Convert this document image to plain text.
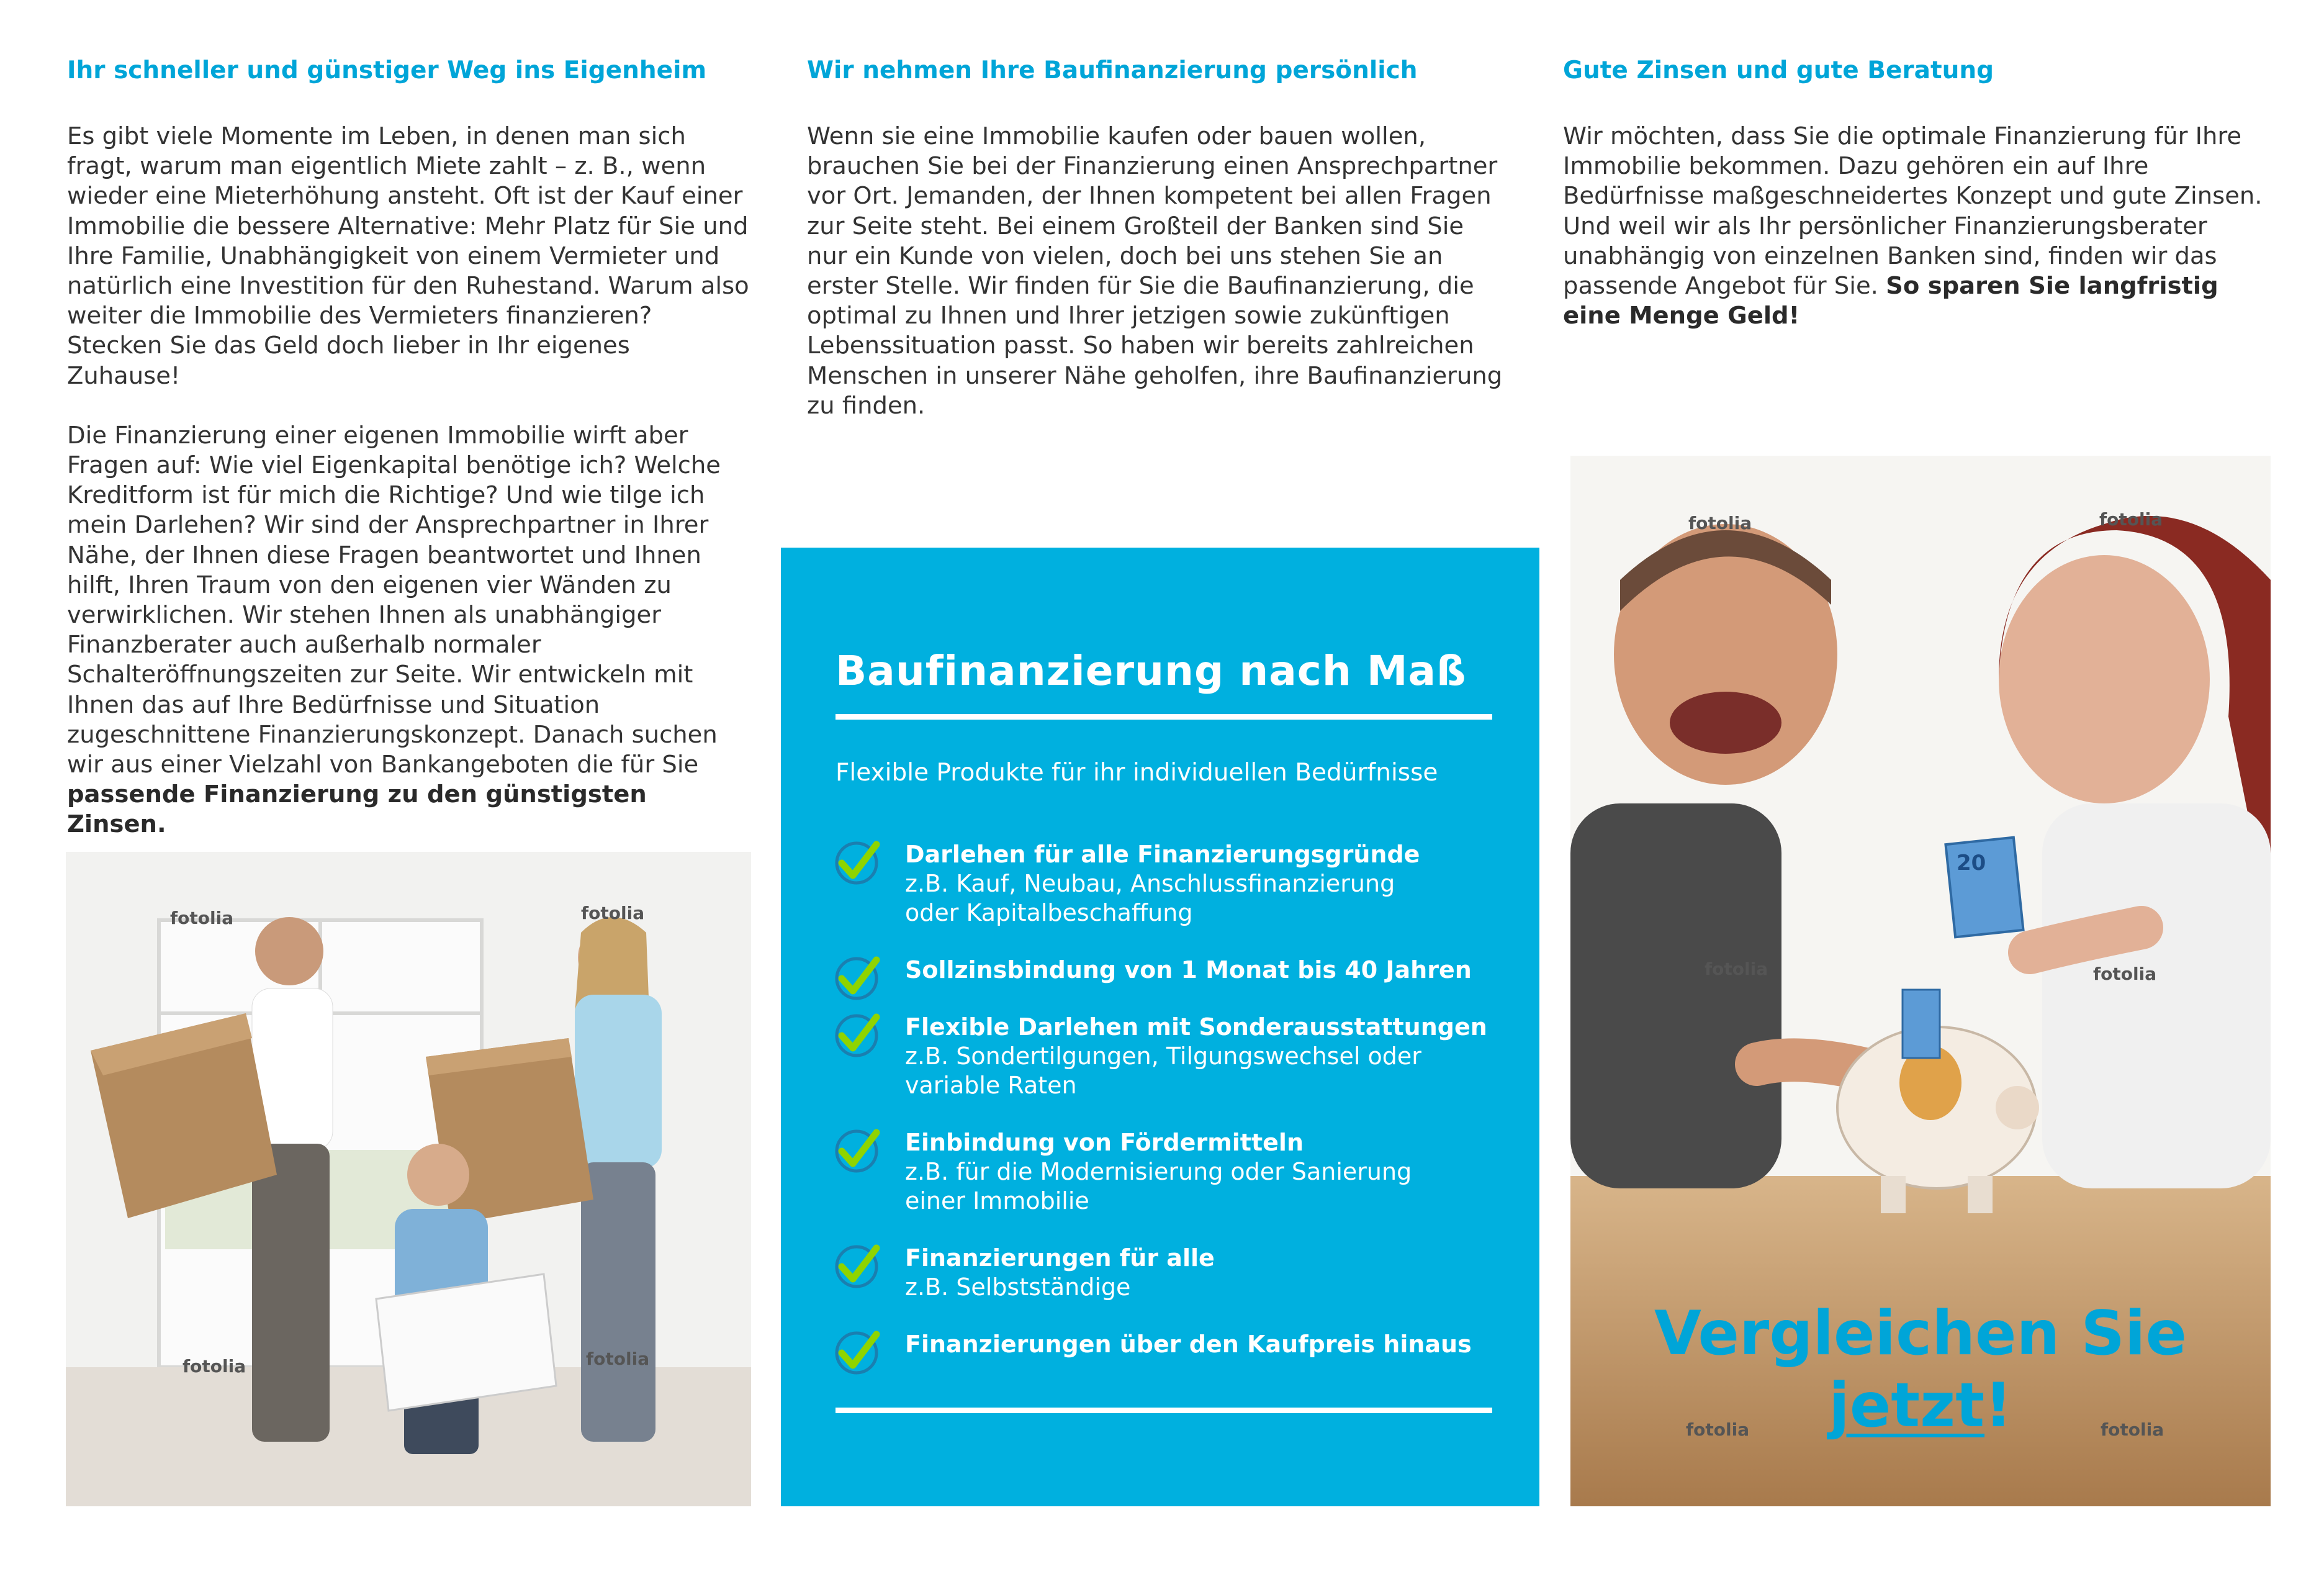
Ihr schneller und günstiger Weg ins Eigenheim
Es gibt viele Momente im Leben, in denen man sich fragt, warum man eigentlich Miete zahlt – z. B., wenn wieder eine Mieterhöhung ansteht. Oft ist der Kauf einer Immobilie die bessere Alternative: Mehr Platz für Sie und Ihre Familie, Unabhängigkeit von einem Vermieter und natürlich eine Investition für den Ruhestand. Warum also weiter die Immobilie des Vermieters finanzieren? Stecken Sie das Geld doch lieber in Ihr eigenes Zuhause!
Die Finanzierung einer eigenen Immobilie wirft aber Fragen auf: Wie viel Eigenkapital benötige ich? Welche Kreditform ist für mich die Richtige? Und wie tilge ich mein Darlehen? Wir sind der Ansprechpartner in Ihrer Nähe, der Ihnen diese Fragen beantwortet und Ihnen hilft, Ihren Traum von den eigenen vier Wänden zu verwirklichen. Wir stehen Ihnen als unabhängiger Finanzberater auch außerhalb normaler Schalteröffnungszeiten zur Seite. Wir entwickeln mit Ihnen das auf Ihre Bedürfnisse und Situation zugeschnittene Finanzierungskonzept. Danach suchen wir aus einer Vielzahl von Bankangeboten die für Sie passende Finanzierung zu den günstigsten Zinsen.
fotolia	fotolia
fotolia	fotolia
Wir nehmen Ihre Baufinanzierung persönlich
Wenn sie eine Immobilie kaufen oder bauen wollen, brauchen Sie bei der Finanzierung einen Ansprechpartner vor Ort. Jemanden, der Ihnen kompetent bei allen Fragen zur Seite steht. Bei einem Großteil der Banken sind Sie nur ein Kunde von vielen, doch bei uns stehen Sie an erster Stelle. Wir finden für Sie die Baufinanzierung, die optimal zu Ihnen und Ihrer jetzigen sowie zukünftigen Lebenssituation passt. So haben wir bereits zahlreichen Menschen in unserer Nähe geholfen, ihre Baufinanzierung zu finden.
Baufinanzierung nach Maß
Flexible Produkte für ihr individuellen Bedürfnisse
Darlehen für alle Finanzierungsgründe
z.B. Kauf, Neubau, Anschlussfinanzierung
oder Kapitalbeschaffung
Sollzinsbindung von 1 Monat bis 40 Jahren
Flexible Darlehen mit Sonderausstattungen
z.B. Sondertilgungen, Tilgungswechsel oder
variable Raten
Einbindung von Fördermitteln
z.B. für die Modernisierung oder Sanierung
einer Immobilie
Finanzierungen für alle
z.B. Selbstständige
Finanzierungen über den Kaufpreis hinaus
Gute Zinsen und gute Beratung
Wir möchten, dass Sie die optimale Finanzierung für Ihre Immobilie bekommen. Dazu gehören ein auf Ihre Bedürfnisse maßgeschneidertes Konzept und gute Zinsen. Und weil wir als Ihr persönlicher Finanzierungsberater unabhängig von einzelnen Banken sind, finden wir das passende Angebot für Sie. So sparen Sie langfristig eine Menge Geld!
fotolia	fotolia
fotolia	fotolia
fotolia	fotolia
20
Vergleichen Sie
jetzt!
